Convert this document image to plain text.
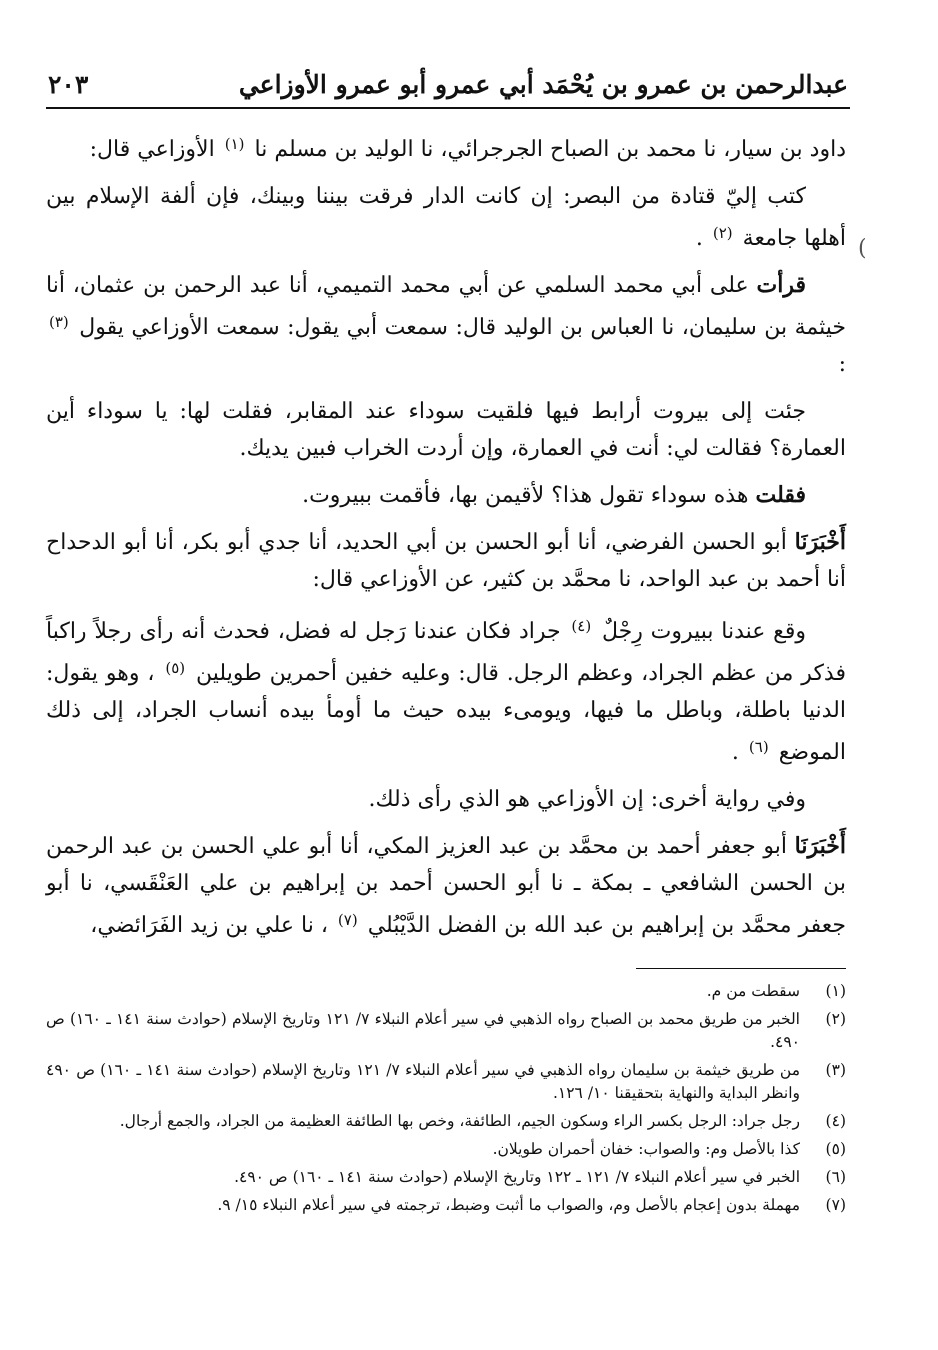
عبدالرحمن بن عمرو بن يُحْمَد أبي عمرو أبو عمرو الأوزاعي
٢٠٣
(

داود بن سيار، نا محمد بن الصباح الجرجرائي، نا الوليد بن مسلم نا $^{(١)}$ الأوزاعي قال:

كتب إليّ قتادة من البصر: إن كانت الدار فرقت بيننا وبينك، فإن ألفة الإسلام بين أهلها جامعة $^{(٢)}$ .

قرأت على أبي محمد السلمي عن أبي محمد التميمي، أنا عبد الرحمن بن عثمان، أنا خيثمة بن سليمان، نا العباس بن الوليد قال: سمعت أبي يقول: سمعت الأوزاعي يقول $^{(٣)}$ :

جئت إلى بيروت أرابط فيها فلقيت سوداء عند المقابر، فقلت لها: يا سوداء أين العمارة؟ فقالت لي: أنت في العمارة، وإن أردت الخراب فبين يديك.

فقلت هذه سوداء تقول هذا؟ لأقيمن بها، فأقمت ببيروت.

أَخْبَرَنَا أبو الحسن الفرضي، أنا أبو الحسن بن أبي الحديد، أنا جدي أبو بكر، أنا أبو الدحداح أنا أحمد بن عبد الواحد، نا محمَّد بن كثير، عن الأوزاعي قال:

وقع عندنا ببيروت رِجْلٌ $^{(٤)}$ جراد فكان عندنا رَجل له فضل، فحدث أنه رأى رجلاً راكباً فذكر من عظم الجراد، وعظم الرجل. قال: وعليه خفين أحمرين طويلين $^{(٥)}$ ، وهو يقول: الدنيا باطلة، وباطل ما فيها، ويومىء بيده حيث ما أومأ بيده أنساب الجراد، إلى ذلك الموضع $^{(٦)}$ .

وفي رواية أخرى: إن الأوزاعي هو الذي رأى ذلك.

أَخْبَرَنَا أبو جعفر أحمد بن محمَّد بن عبد العزيز المكي، أنا أبو علي الحسن بن عبد الرحمن بن الحسن الشافعي ـ بمكة ـ نا أبو الحسن أحمد بن إبراهيم بن علي العَنْقَسي، نا أبو جعفر محمَّد بن إبراهيم بن عبد الله بن الفضل الدَّيْبُلي $^{(٧)}$ ، نا علي بن زيد الفَرَائضي،

(١)
سقطت من م.
(٢)
الخبر من طريق محمد بن الصباح رواه الذهبي في سير أعلام النبلاء ٧/ ١٢١ وتاريخ الإسلام (حوادث سنة ١٤١ ـ ١٦٠) ص ٤٩٠.
(٣)
من طريق خيثمة بن سليمان رواه الذهبي في سير أعلام النبلاء ٧/ ١٢١ وتاريخ الإسلام (حوادث سنة ١٤١ ـ ١٦٠) ص ٤٩٠ وانظر البداية والنهاية بتحقيقنا ١٠/ ١٢٦.
(٤)
رجل جراد: الرجل بكسر الراء وسكون الجيم، الطائفة، وخص بها الطائفة العظيمة من الجراد، والجمع أرجال.
(٥)
كذا بالأصل وم: والصواب: خفان أحمران طويلان.
(٦)
الخبر في سير أعلام النبلاء ٧/ ١٢١ ـ ١٢٢ وتاريخ الإسلام (حوادث سنة ١٤١ ـ ١٦٠) ص ٤٩٠.
(٧)
مهملة بدون إعجام بالأصل وم، والصواب ما أثبت وضبط، ترجمته في سير أعلام النبلاء ١٥/ ٩.
